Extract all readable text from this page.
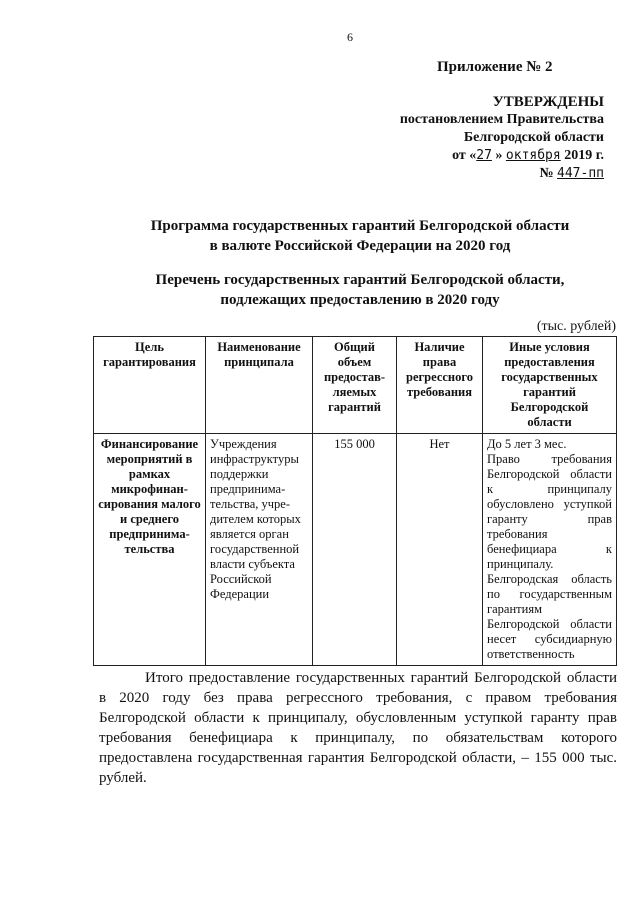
6
Приложение № 2
УТВЕРЖДЕНЫ
постановлением Правительства
Белгородской области
от «27 » октября 2019 г.
№ 447-пп
Программа государственных гарантий Белгородской области
в валюте Российской Федерации на 2020 год
Перечень государственных гарантий Белгородской области,
подлежащих предоставлению в 2020 году
(тыс. рублей)
Цель гарантирования	Наименование принципала	Общий объем предостав-ляемых гарантий	Наличие права регрессного требования	Иные условия предоставления государственных гарантий Белгородской области
Финансирование мероприятий в рамках микрофинан-сирования малого и среднего предпринима-тельства	Учреждения инфраструктуры поддержки предпринима-тельства, учре-дителем которых является орган государственной власти субъекта Российской Федерации	155 000	Нет	До 5 лет 3 мес.
Право требования Белгородской области к принципалу обусловлено уступкой гаранту прав требования бенефициара к принципалу.
Белгородская область по государственным гарантиям Белгородской области несет субсидиарную ответственность
Итого предоставление государственных гарантий Белгородской области в 2020 году без права регрессного требования, с правом требования Белгородской области к принципалу, обусловленным уступкой гаранту прав требования бенефициара к принципалу, по обязательствам которого предоставлена государственная гарантия Белгородской области, – 155 000 тыс. рублей.
